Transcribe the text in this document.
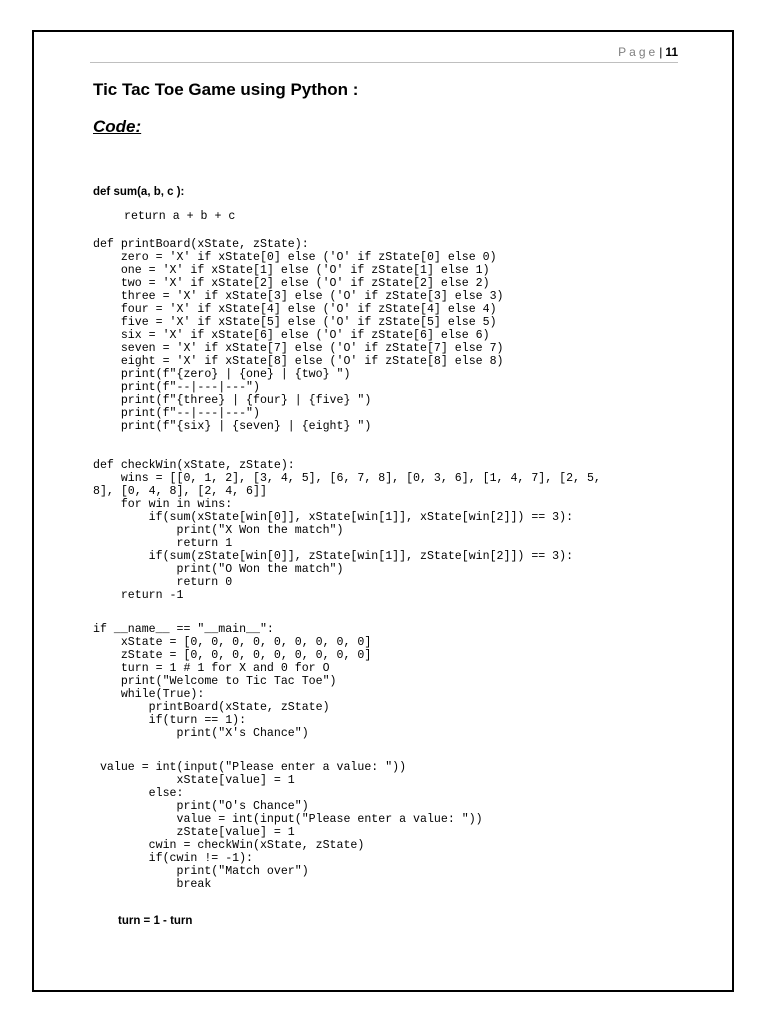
Page| 11
Tic Tac Toe Game using Python :
Code:
def sum(a, b, c ):
return a + b + c
def printBoard(xState, zState):
zero = 'X' if xState[0] else ('O' if zState[0] else 0)
one = 'X' if xState[1] else ('O' if zState[1] else 1)
two = 'X' if xState[2] else ('O' if zState[2] else 2)
three = 'X' if xState[3] else ('O' if zState[3] else 3)
four = 'X' if xState[4] else ('O' if zState[4] else 4)
five = 'X' if xState[5] else ('O' if zState[5] else 5)
six = 'X' if xState[6] else ('O' if zState[6] else 6)
seven = 'X' if xState[7] else ('O' if zState[7] else 7)
eight = 'X' if xState[8] else ('O' if zState[8] else 8)
print(f"{zero} | {one} | {two} ")
print(f"--|---|---")
print(f"{three} | {four} | {five} ")
print(f"--|---|---")
print(f"{six} | {seven} | {eight} ")
def checkWin(xState, zState):
wins = [[0, 1, 2], [3, 4, 5], [6, 7, 8], [0, 3, 6], [1, 4, 7], [2, 5,
8], [0, 4, 8], [2, 4, 6]]
for win in wins:
if(sum(xState[win[0]], xState[win[1]], xState[win[2]]) == 3):
print("X Won the match")
return 1
if(sum(zState[win[0]], zState[win[1]], zState[win[2]]) == 3):
print("O Won the match")
return 0
return -1
if __name__ == "__main__":
xState = [0, 0, 0, 0, 0, 0, 0, 0, 0]
zState = [0, 0, 0, 0, 0, 0, 0, 0, 0]
turn = 1 # 1 for X and 0 for O
print("Welcome to Tic Tac Toe")
while(True):
printBoard(xState, zState)
if(turn == 1):
print("X's Chance")
value = int(input("Please enter a value: "))
xState[value] = 1
else:
print("O's Chance")
value = int(input("Please enter a value: "))
zState[value] = 1
cwin = checkWin(xState, zState)
if(cwin != -1):
print("Match over")
break
turn = 1 - turn
